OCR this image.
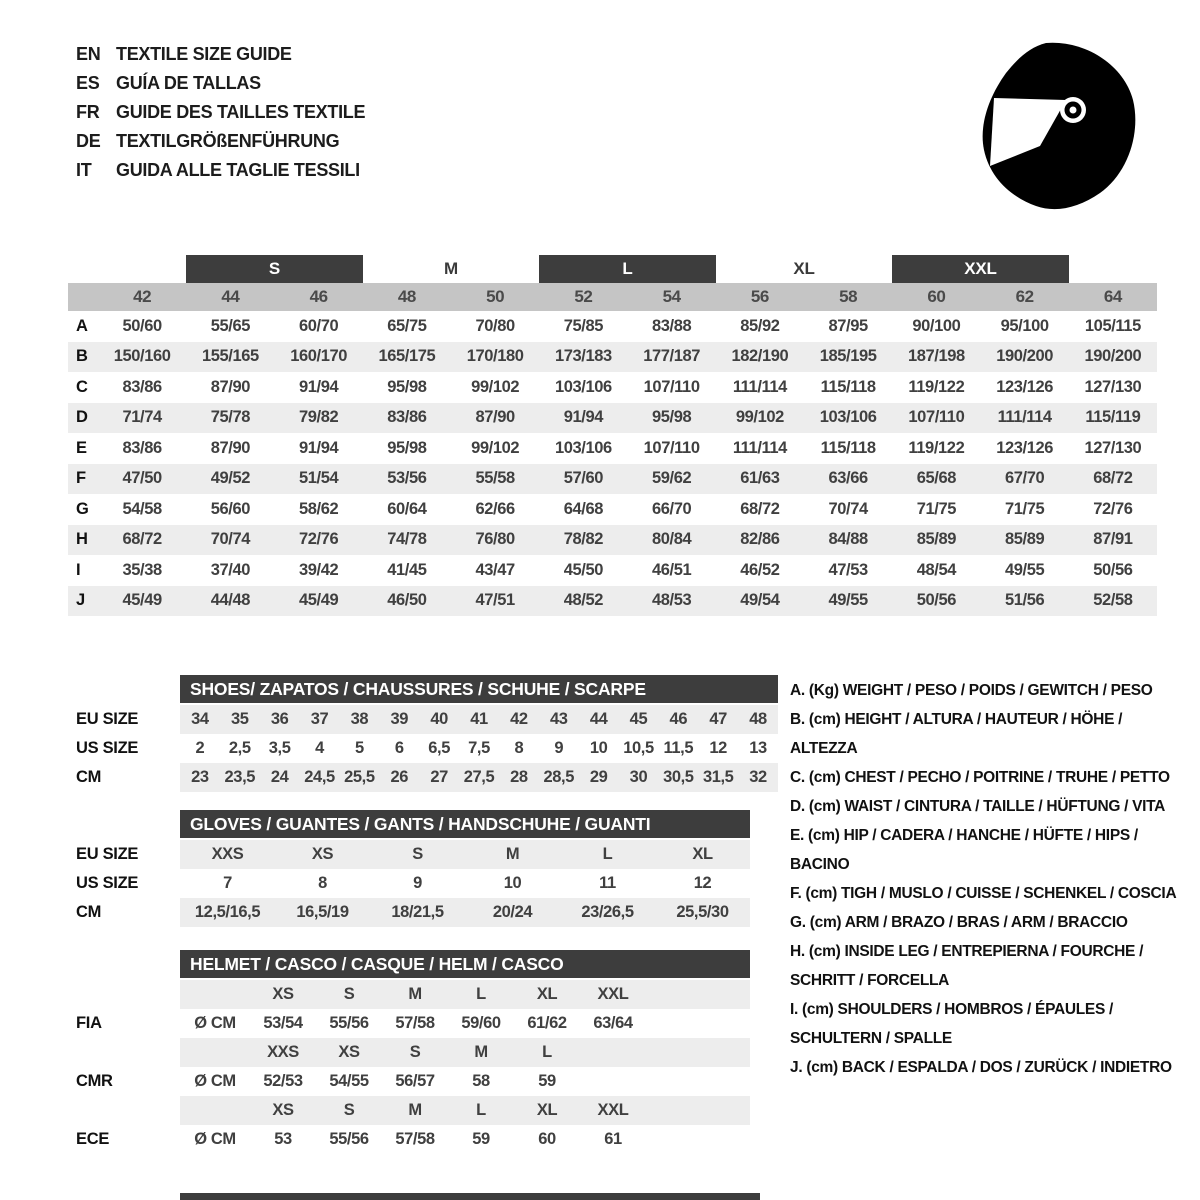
EN TEXTILE SIZE GUIDE
ES GUÍA DE TALLAS
FR GUIDE DES TAILLES TEXTILE
DE TEXTILGRÖßENFÜHRUNG
IT	GUIDA ALLE TAGLIE TESSILI
S	M	L	XL	XXL
42	44	46	48	50	52	54	56	58	60	62	64
A	50/60	55/65	60/70	65/75	70/80	75/85	83/88	85/92	87/95	90/100	95/100	105/115
B	150/160	155/165	160/170	165/175	170/180	173/183	177/187	182/190	185/195	187/198	190/200	190/200
C	83/86	87/90	91/94	95/98	99/102	103/106	107/110	111/114	115/118	119/122	123/126	127/130
D	71/74	75/78	79/82	83/86	87/90	91/94	95/98	99/102	103/106	107/110	111/114	115/119
E	83/86	87/90	91/94	95/98	99/102	103/106	107/110	111/114	115/118	119/122	123/126	127/130
F	47/50	49/52	51/54	53/56	55/58	57/60	59/62	61/63	63/66	65/68	67/70	68/72
G	54/58	56/60	58/62	60/64	62/66	64/68	66/70	68/72	70/74	71/75	71/75	72/76
H	68/72	70/74	72/76	74/78	76/80	78/82	80/84	82/86	84/88	85/89	85/89	87/91
I	35/38	37/40	39/42	41/45	43/47	45/50	46/51	46/52	47/53	48/54	49/55	50/56
J	45/49	44/48	45/49	46/50	47/51	48/52	48/53	49/54	49/55	50/56	51/56	52/58
SHOES/ ZAPATOS / CHAUSSURES / SCHUHE / SCARPE
EU SIZE	34	35	36	37	38	39	40	41	42	43	44	45	46	47	48
US SIZE	2	2,5	3,5	4	5	6	6,5	7,5	8	9	10 10,5 11,5 12	13
CM	23 23,5 24 24,5 25,5 26	27 27,5 28 28,5 29	30 30,5 31,5 32
GLOVES / GUANTES / GANTS / HANDSCHUHE / GUANTI
EU SIZE	XXS	XS	S	M	L	XL
US SIZE	7	8	9	10	11	12
CM	12,5/16,5	16,5/19	18/21,5	20/24	23/26,5	25,5/30
HELMET / CASCO / CASQUE / HELM / CASCO
XS	S	M	L	XL	XXL
FIA	Ø CM	53/54	55/56	57/58	59/60	61/62	63/64
XXS	XS	S	M	L
CMR	Ø CM	52/53	54/55	56/57	58	59
XS	S	M	L	XL	XXL
ECE	Ø CM	53	55/56	57/58	59	60	61

A. (Kg) WEIGHT / PESO / POIDS / GEWITCH / PESO

B. (cm) HEIGHT / ALTURA / HAUTEUR / HÖHE / ALTEZZA

C. (cm) CHEST / PECHO / POITRINE / TRUHE / PETTO

D. (cm) WAIST / CINTURA / TAILLE / HÜFTUNG / VITA

E. (cm) HIP / CADERA / HANCHE / HÜFTE / HIPS / BACINO

F. (cm) TIGH / MUSLO / CUISSE / SCHENKEL / COSCIA

G. (cm) ARM / BRAZO / BRAS / ARM / BRACCIO

H. (cm) INSIDE LEG / ENTREPIERNA / FOURCHE / SCHRITT / FORCELLA

I. (cm) SHOULDERS / HOMBROS / ÉPAULES / SCHULTERN / SPALLE

J. (cm) BACK / ESPALDA / DOS / ZURÜCK / INDIETRO
